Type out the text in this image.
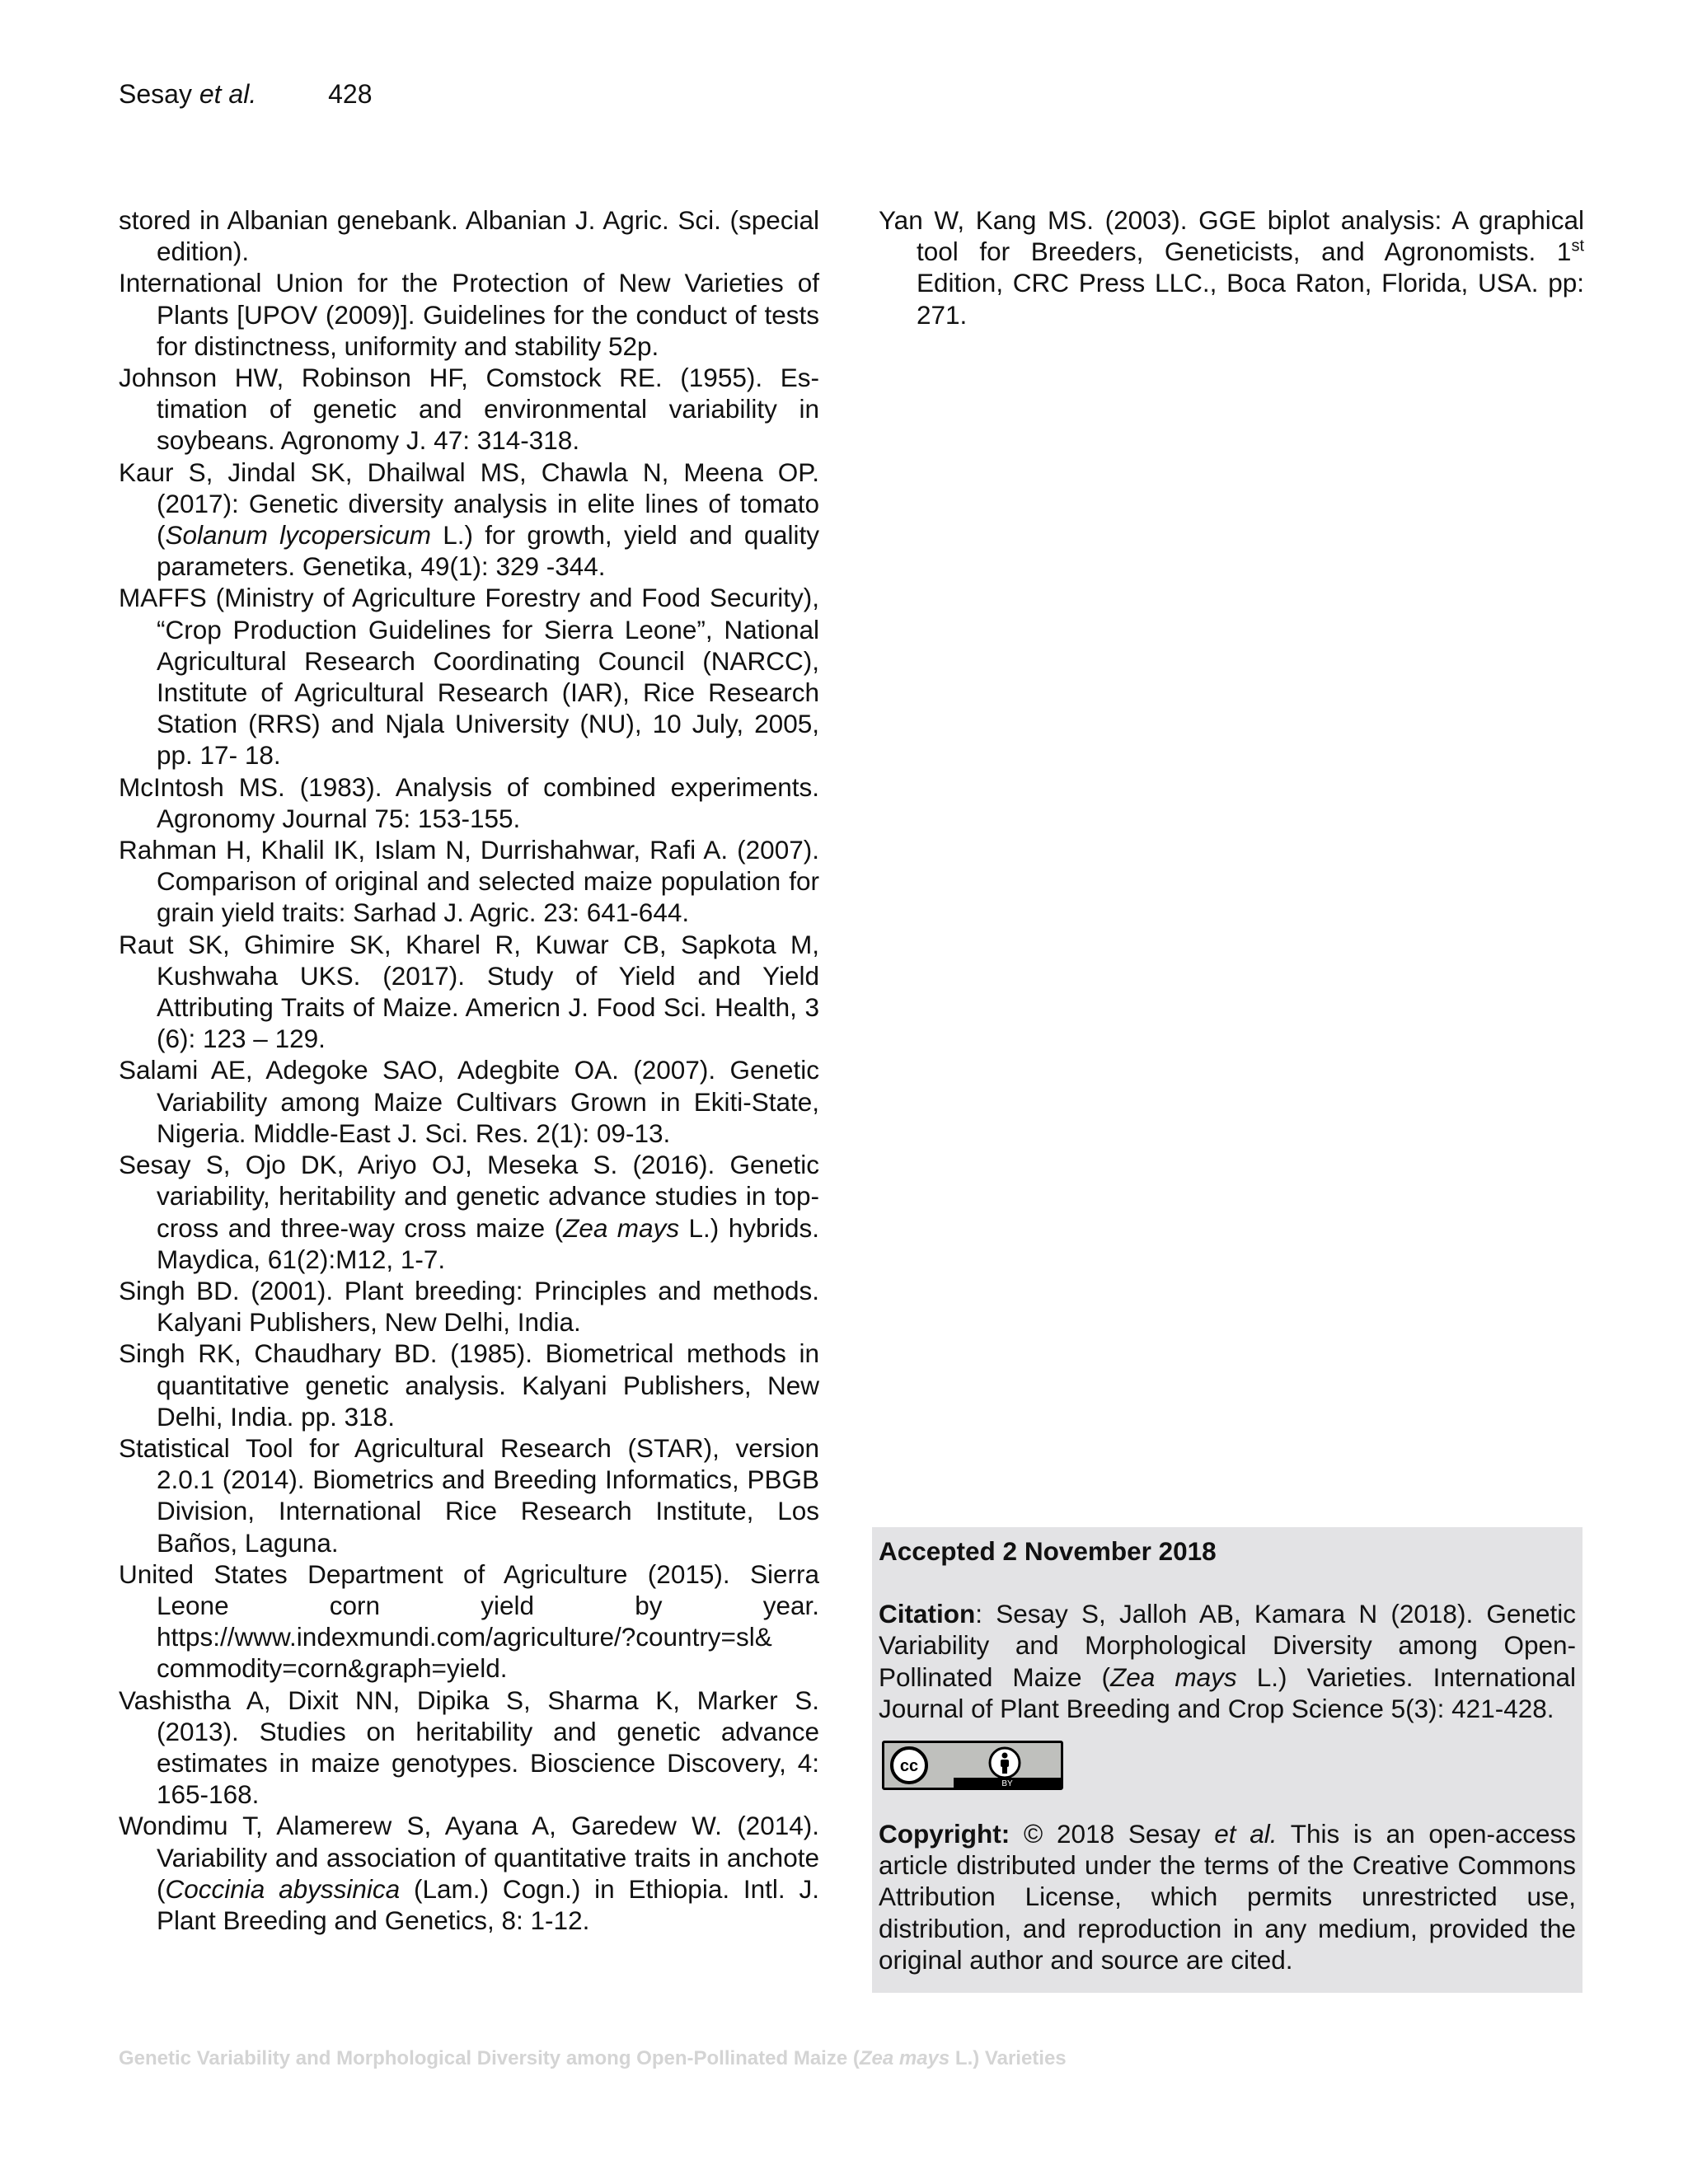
Sesay et al.	428
stored in Albanian genebank. Albanian J. Agric. Sci. (special edition).
International Union for the Protection of New Varieties of Plants [UPOV (2009)]. Guidelines for the conduct of tests for distinctness, uniformity and stability 52p.
Johnson HW, Robinson HF, Comstock RE. (1955). Es-timation of genetic and environmental variability in soybeans. Agronomy J. 47: 314-318.
Kaur S, Jindal SK, Dhailwal MS, Chawla N, Meena OP. (2017): Genetic diversity analysis in elite lines of tomato (Solanum lycopersicum L.) for growth, yield and quality parameters. Genetika, 49(1): 329 -344.
MAFFS (Ministry of Agriculture Forestry and Food Security), “Crop Production Guidelines for Sierra Leone”, National Agricultural Research Coordinating Council (NARCC), Institute of Agricultural Research (IAR), Rice Research Station (RRS) and Njala University (NU), 10 July, 2005, pp. 17- 18.
McIntosh MS. (1983). Analysis of combined experiments. Agronomy Journal 75: 153-155.
Rahman H, Khalil IK, Islam N, Durrishahwar, Rafi A. (2007). Comparison of original and selected maize population for grain yield traits: Sarhad J. Agric. 23: 641-644.
Raut SK, Ghimire SK, Kharel R, Kuwar CB, Sapkota M, Kushwaha UKS. (2017). Study of Yield and Yield Attributing Traits of Maize. Americn J. Food Sci. Health, 3 (6): 123 – 129.
Salami AE, Adegoke SAO, Adegbite OA. (2007). Genetic Variability among Maize Cultivars Grown in Ekiti-State, Nigeria. Middle-East J. Sci. Res. 2(1): 09-13.
Sesay S, Ojo DK, Ariyo OJ, Meseka S. (2016). Genetic variability, heritability and genetic advance studies in top-cross and three-way cross maize (Zea mays L.) hybrids. Maydica, 61(2):M12, 1-7.
Singh BD. (2001). Plant breeding: Principles and methods. Kalyani Publishers, New Delhi, India.
Singh RK, Chaudhary BD. (1985). Biometrical methods in quantitative genetic analysis. Kalyani Publishers, New Delhi, India. pp. 318.
Statistical Tool for Agricultural Research (STAR), version 2.0.1 (2014). Biometrics and Breeding Informatics, PBGB Division, International Rice Research Institute, Los Baños, Laguna.
United States Department of Agriculture (2015). Sierra Leone corn yield by year. https://www.indexmundi.com/agriculture/?country=sl& commodity=corn&graph=yield.
Vashistha A, Dixit NN, Dipika S, Sharma K, Marker S. (2013). Studies on heritability and genetic advance estimates in maize genotypes. Bioscience Discovery, 4: 165-168.
Wondimu T, Alamerew S, Ayana A, Garedew W. (2014). Variability and association of quantitative traits in anchote (Coccinia abyssinica (Lam.) Cogn.) in Ethiopia. Intl. J. Plant Breeding and Genetics, 8: 1-12.
Yan W, Kang MS. (2003). GGE biplot analysis: A graphical tool for Breeders, Geneticists, and Agronomists. 1st Edition, CRC Press LLC., Boca Raton, Florida, USA. pp: 271.

Accepted 2 November 2018

Citation: Sesay S, Jalloh AB, Kamara N (2018). Genetic Variability and Morphological Diversity among Open-Pollinated Maize (Zea mays L.) Varieties. International Journal of Plant Breeding and Crop Science 5(3): 421-428.

cc
BY

Copyright: © 2018 Sesay et al. This is an open-access article distributed under the terms of the Creative Commons Attribution License, which permits unrestricted use, distribution, and reproduction in any medium, provided the original author and source are cited.

Genetic Variability and Morphological Diversity among Open-Pollinated Maize (Zea mays L.) Varieties
